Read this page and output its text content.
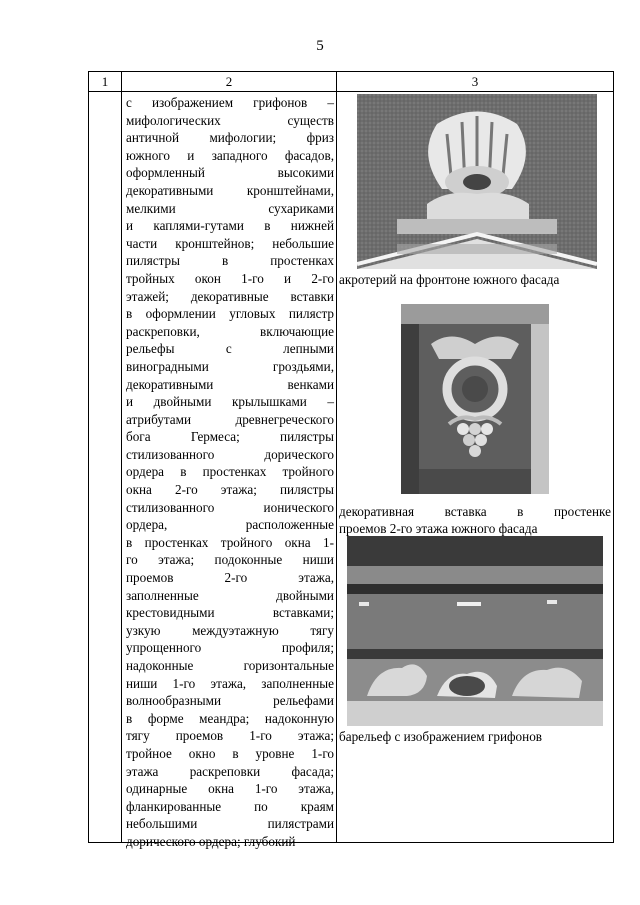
5
1	2	3
с изображением грифонов –
мифологических существ
античной мифологии; фриз
южного и западного фасадов,
оформленный высокими
декоративными кронштейнами,
мелкими сухариками
и каплями-гутами в нижней
части кронштейнов; небольшие
пилястры в простенках
тройных окон 1-го и 2-го
этажей; декоративные вставки
в оформлении угловых пилястр
раскреповки, включающие
рельефы с лепными
виноградными гроздьями,
декоративными венками
и двойными крылышками –
атрибутами древнегреческого
бога Гермеса; пилястры
стилизованного дорического
ордера в простенках тройного
окна 2-го этажа; пилястры
стилизованного ионического
ордера, расположенные
в простенках тройного окна 1-
го этажа; подоконные ниши
проемов 2-го этажа,
заполненные двойными
крестовидными вставками;
узкую междуэтажную тягу
упрощенного профиля;
надоконные горизонтальные
ниши 1-го этажа, заполненные
волнообразными рельефами
в форме меандра; надоконную
тягу проемов 1-го этажа;
тройное окно в уровне 1-го
этажа раскреповки фасада;
одинарные окна 1-го этажа,
фланкированные по краям
небольшими пилястрами
дорического ордера; глубокий
акротерий на фронтоне южного фасада
декоративная вставка в простенке
проемов 2-го этажа южного фасада
барельеф с изображением грифонов
